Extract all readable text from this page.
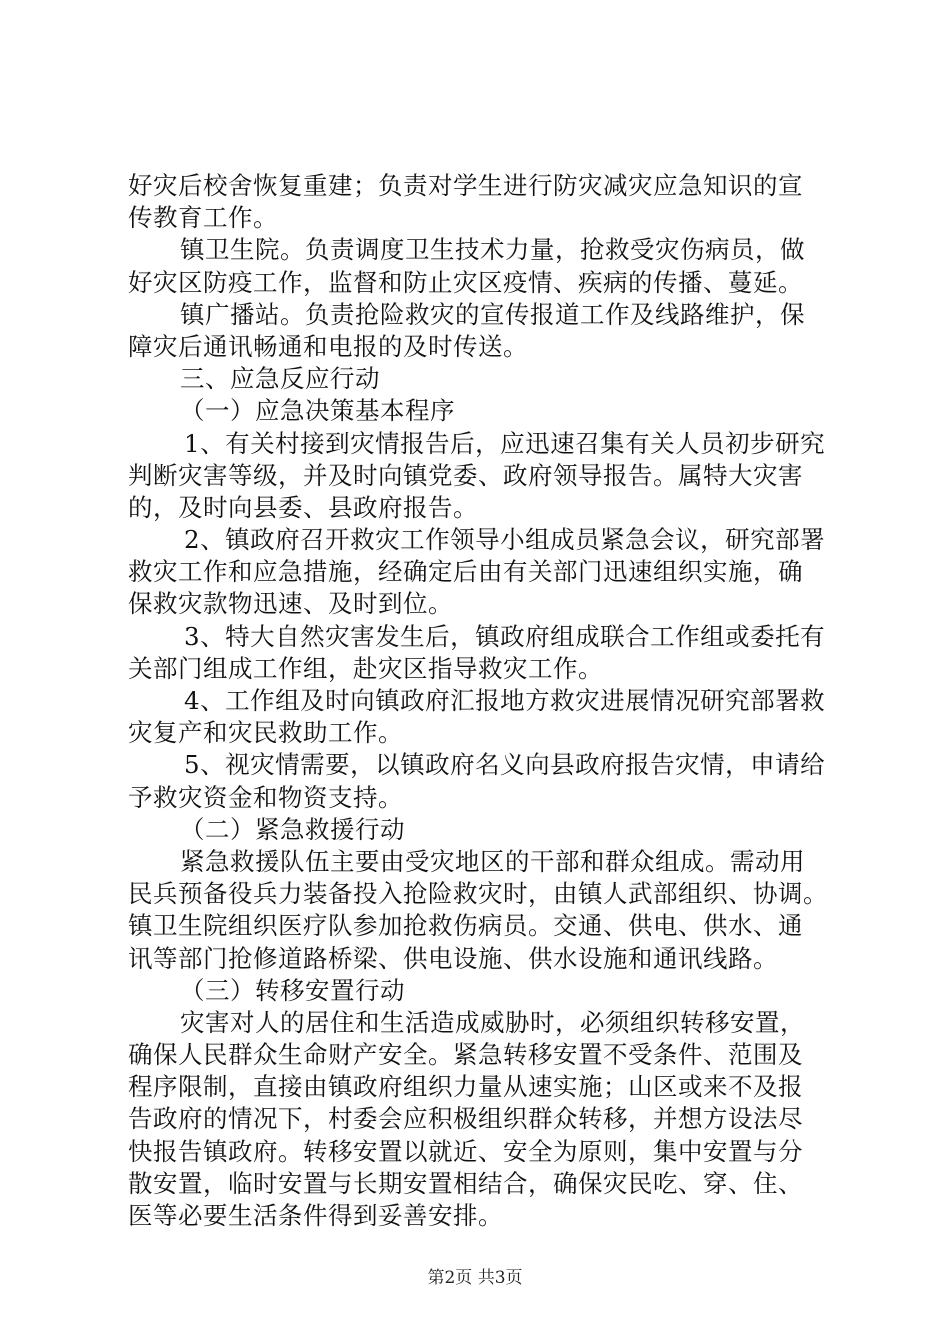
好灾后校舍恢复重建；负责对学生进行防灾减灾应急知识的宣
传教育工作。
镇卫生院。负责调度卫生技术力量，抢救受灾伤病员，做
好灾区防疫工作，监督和防止灾区疫情、疾病的传播、蔓延。
镇广播站。负责抢险救灾的宣传报道工作及线路维护，保
障灾后通讯畅通和电报的及时传送。
三、应急反应行动
（一）应急决策基本程序
1、有关村接到灾情报告后，应迅速召集有关人员初步研究
判断灾害等级，并及时向镇党委、政府领导报告。属特大灾害
的，及时向县委、县政府报告。
2、镇政府召开救灾工作领导小组成员紧急会议，研究部署
救灾工作和应急措施，经确定后由有关部门迅速组织实施，确
保救灾款物迅速、及时到位。
3、特大自然灾害发生后，镇政府组成联合工作组或委托有
关部门组成工作组，赴灾区指导救灾工作。
4、工作组及时向镇政府汇报地方救灾进展情况研究部署救
灾复产和灾民救助工作。
5、视灾情需要，以镇政府名义向县政府报告灾情，申请给
予救灾资金和物资支持。
（二）紧急救援行动
紧急救援队伍主要由受灾地区的干部和群众组成。需动用
民兵预备役兵力装备投入抢险救灾时，由镇人武部组织、协调。
镇卫生院组织医疗队参加抢救伤病员。交通、供电、供水、通
讯等部门抢修道路桥梁、供电设施、供水设施和通讯线路。
（三）转移安置行动
灾害对人的居住和生活造成威胁时，必须组织转移安置，
确保人民群众生命财产安全。紧急转移安置不受条件、范围及
程序限制，直接由镇政府组织力量从速实施；山区或来不及报
告政府的情况下，村委会应积极组织群众转移，并想方设法尽
快报告镇政府。转移安置以就近、安全为原则，集中安置与分
散安置，临时安置与长期安置相结合，确保灾民吃、穿、住、
医等必要生活条件得到妥善安排。
第2页 共3页
